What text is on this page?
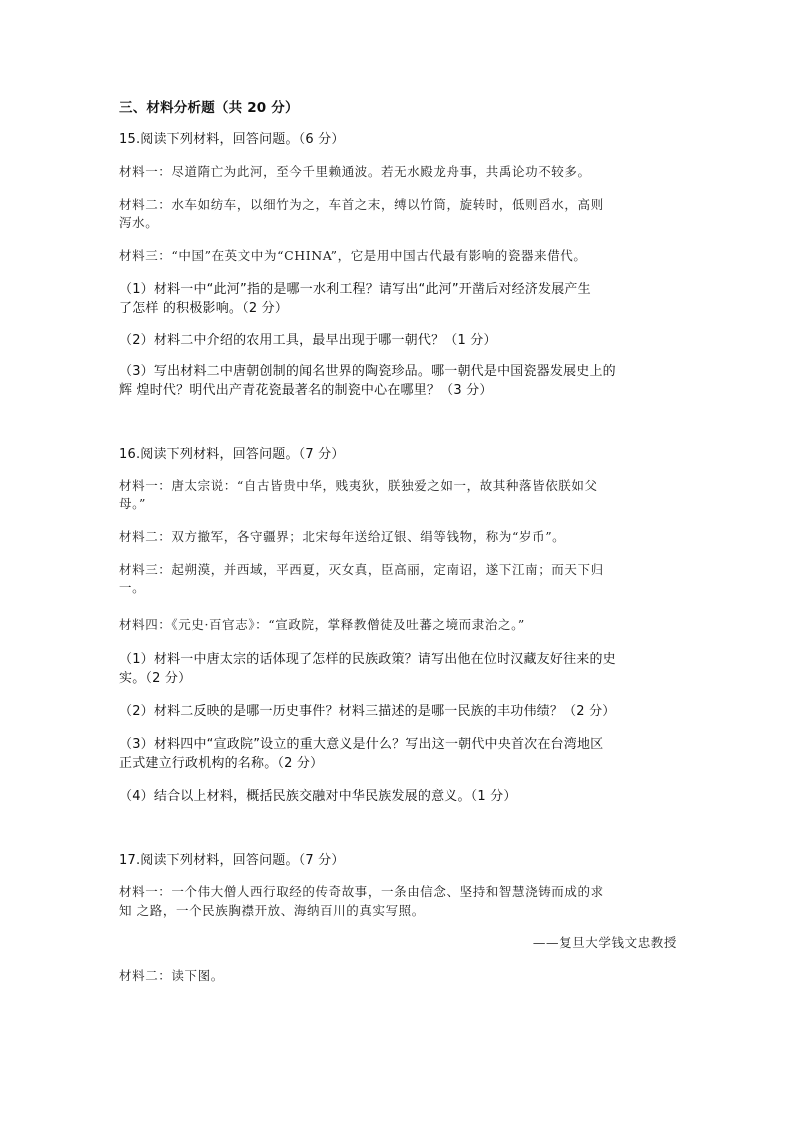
三、材料分析题（共 20 分）
15.阅读下列材料，回答问题。（6 分）
材料一：尽道隋亡为此河，至今千里赖通波。若无水殿龙舟事，共禹论功不较多。
材料二：水车如纺车，以细竹为之，车首之末，缚以竹筒，旋转时，低则舀水，高则
泻水。
材料三：“中国”在英文中为“CHINA”，它是用中国古代最有影响的瓷器来借代。
（1）材料一中“此河”指的是哪一水利工程？请写出“此河”开凿后对经济发展产生
了怎样 的积极影响。（2 分）
（2）材料二中介绍的农用工具，最早出现于哪一朝代？（1 分）
（3）写出材料二中唐朝创制的闻名世界的陶瓷珍品。哪一朝代是中国瓷器发展史上的
辉 煌时代？明代出产青花瓷最著名的制瓷中心在哪里？（3 分）
16.阅读下列材料，回答问题。（7 分）
材料一：唐太宗说：“自古皆贵中华，贱夷狄，朕独爱之如一，故其种落皆依朕如父
母。”
材料二：双方撤军，各守疆界；北宋每年送给辽银、绢等钱物，称为“岁币”。
材料三：起朔漠，并西域，平西夏，灭女真，臣高丽，定南诏，遂下江南；而天下归
一。
材料四：《元史·百官志》：“宣政院，掌释教僧徒及吐蕃之境而隶治之。”
（1）材料一中唐太宗的话体现了怎样的民族政策？请写出他在位时汉藏友好往来的史
实。（2 分）
（2）材料二反映的是哪一历史事件？材料三描述的是哪一民族的丰功伟绩？（2 分）
（3）材料四中“宣政院”设立的重大意义是什么？写出这一朝代中央首次在台湾地区
正式建立行政机构的名称。（2 分）
（4）结合以上材料，概括民族交融对中华民族发展的意义。（1 分）
17.阅读下列材料，回答问题。（7 分）
材料一：一个伟大僧人西行取经的传奇故事，一条由信念、坚持和智慧浇铸而成的求
知 之路，一个民族胸襟开放、海纳百川的真实写照。
——复旦大学钱文忠教授
材料二：读下图。
